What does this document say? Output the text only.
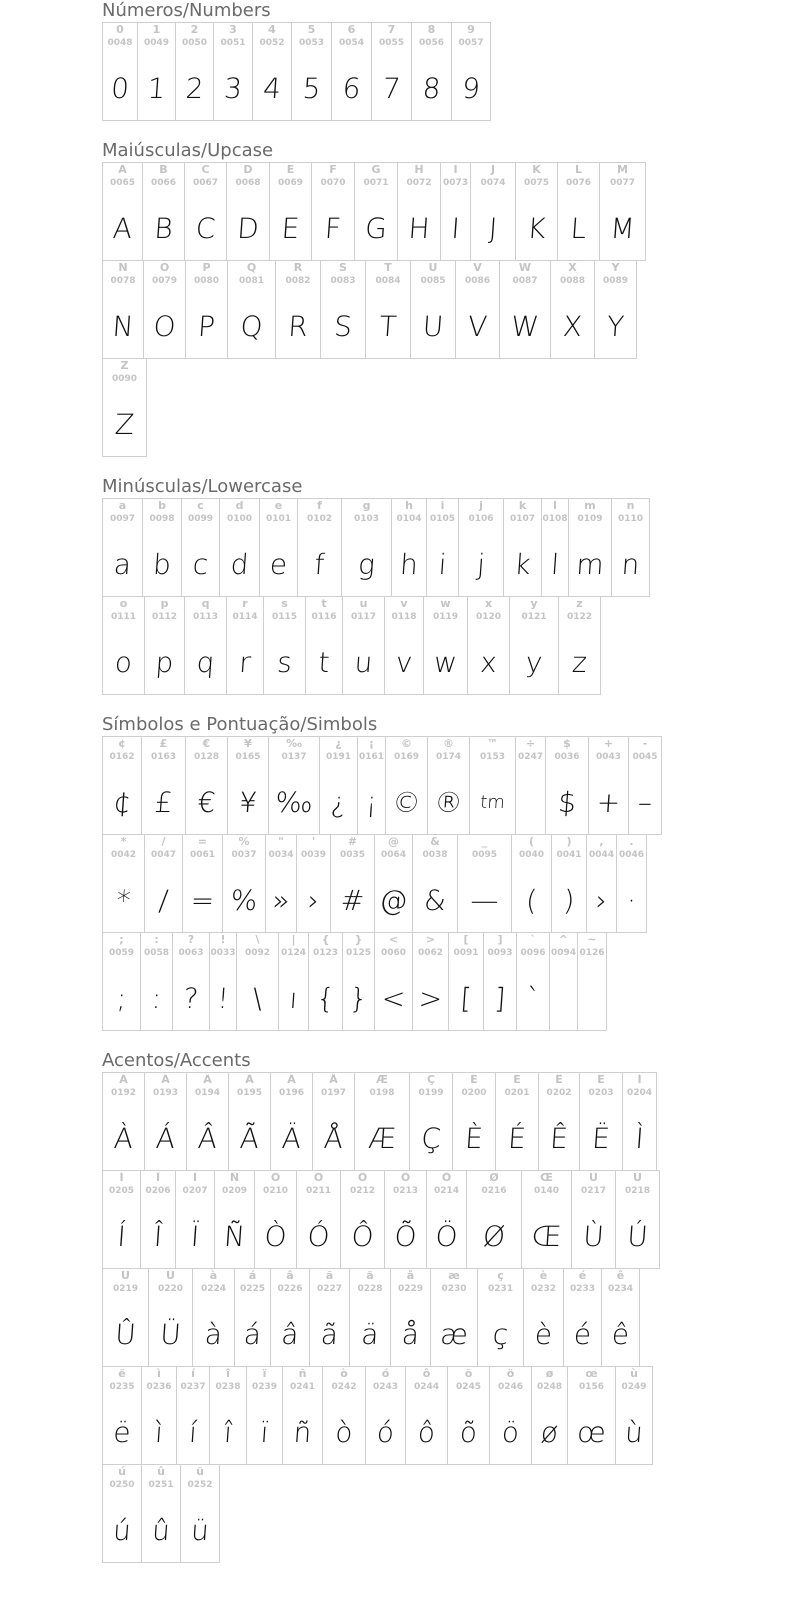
Números/Numbers
0
0048
0
1
0049
1
2
0050
2
3
0051
3
4
0052
4
5
0053
5
6
0054
6
7
0055
7
8
0056
8
9
0057
9
Maiúsculas/Upcase
A
0065
A
B
0066
B
C
0067
C
D
0068
D
E
0069
E
F
0070
F
G
0071
G
H
0072
H
I
0073
I
J
0074
J
K
0075
K
L
0076
L
M
0077
M
N
0078
N
O
0079
O
P
0080
P
Q
0081
Q
R
0082
R
S
0083
S
T
0084
T
U
0085
U
V
0086
V
W
0087
W
X
0088
X
Y
0089
Y
Z
0090
Z
Minúsculas/Lowercase
a
0097
a
b
0098
b
c
0099
c
d
0100
d
e
0101
e
f
0102
f
g
0103
g
h
0104
h
i
0105
i
j
0106
j
k
0107
k
l
0108
l
m
0109
m
n
0110
n
o
0111
o
p
0112
p
q
0113
q
r
0114
r
s
0115
s
t
0116
t
u
0117
u
v
0118
v
w
0119
w
x
0120
x
y
0121
y
z
0122
z
Símbolos e Pontuação/Simbols
¢
0162
¢
£
0163
£
€
0128
€
¥
0165
¥
‰
0137
‰
¿
0191
¿
¡
0161
¡
©
0169
©
®
0174
®
™
0153
tm
÷
0247
$
0036
$
+
0043
+
-
0045
–
*
0042
*
/
0047
/
=
0061
=
%
0037
%
"
0034
»
'
0039
›
#
0035
#
@
0064
@
&
0038
&
_
0095
—
(
0040
(
)
0041
)
,
0044
›
.
0046
·
;
0059
;
:
0058
:
?
0063
?
!
0033
!
\
0092
\
|
0124
ı
{
0123
{
}
0125
}
<
0060
<
>
0062
>
[
0091
[
]
0093
]
`
0096
`
^
0094
~
0126
Acentos/Accents
À
0192
À
Á
0193
Á
Â
0194
Â
Ã
0195
Ã
Ä
0196
Ä
Å
0197
Å
Æ
0198
Æ
Ç
0199
Ç
È
0200
È
É
0201
É
Ê
0202
Ê
Ë
0203
Ë
Ì
0204
Ì
Í
0205
Í
Î
0206
Î
Ï
0207
Ï
Ñ
0209
Ñ
Ò
0210
Ò
Ó
0211
Ó
Ô
0212
Ô
Õ
0213
Õ
Ö
0214
Ö
Ø
0216
Ø
Œ
0140
Œ
Ù
0217
Ù
Ú
0218
Ú
Û
0219
Û
Ü
0220
Ü
à
0224
à
á
0225
á
â
0226
â
ã
0227
ã
ä
0228
ä
å
0229
å
æ
0230
æ
ç
0231
ç
è
0232
è
é
0233
é
ê
0234
ê
ë
0235
ë
ì
0236
ì
í
0237
í
î
0238
î
ï
0239
ï
ñ
0241
ñ
ò
0242
ò
ó
0243
ó
ô
0244
ô
õ
0245
õ
ö
0246
ö
ø
0248
ø
œ
0156
œ
ù
0249
ù
ú
0250
ú
û
0251
û
ü
0252
ü
